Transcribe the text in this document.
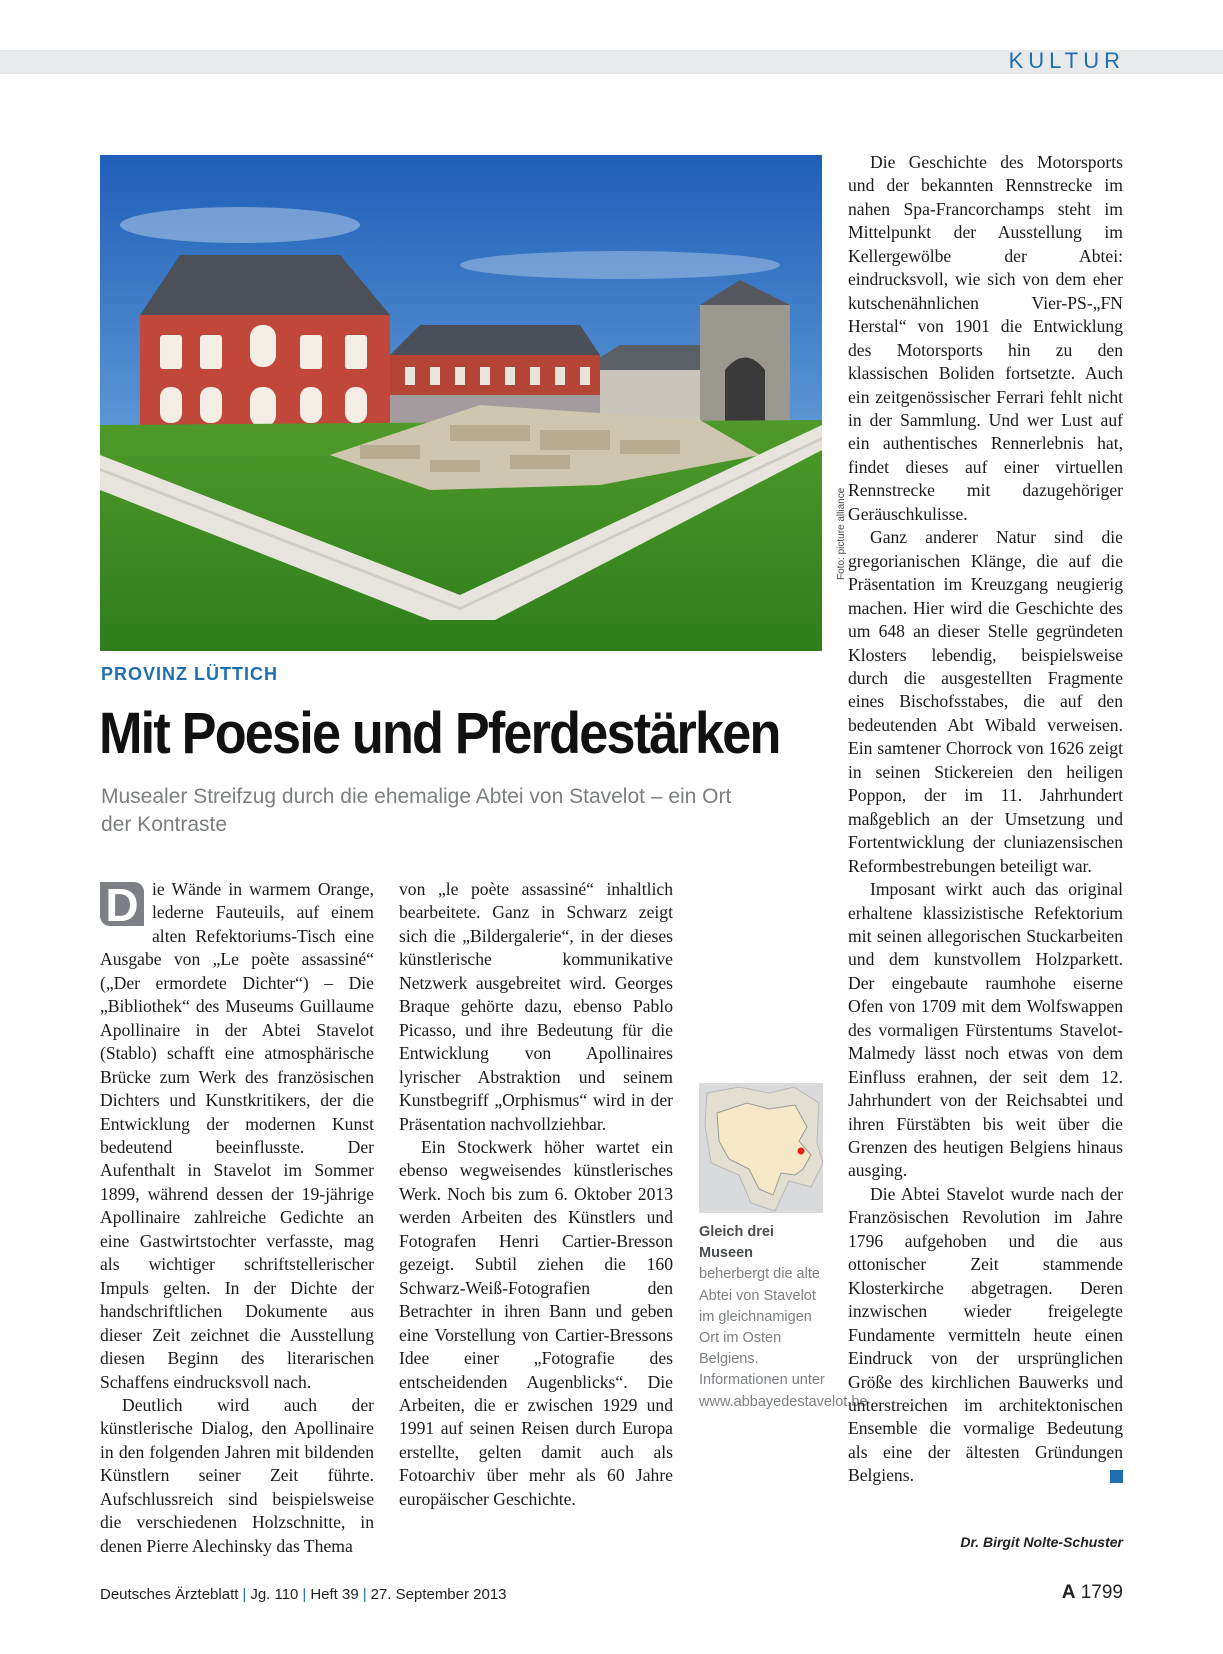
KULTUR
Foto: picture alliance
PROVINZ LÜTTICH
Mit Poesie und Pferdestärken
Musealer Streifzug durch die ehemalige Abtei von Stavelot – ein Ort der Kontraste

D ie Wände in warmem Orange, lederne Fauteuils, auf einem alten Refektoriums-Tisch eine Ausgabe von „Le poète assassiné“ („Der ermordete Dichter“) – Die „Bibliothek“ des Museums Guillaume Apollinaire in der Abtei Stavelot (Stablo) schafft eine atmosphärische Brücke zum Werk des französischen Dichters und Kunstkritikers, der die Entwicklung der modernen Kunst bedeutend beeinflusste. Der Aufenthalt in Stavelot im Sommer 1899, während dessen der 19-jährige Apollinaire zahlreiche Gedichte an eine Gastwirtstochter verfasste, mag als wichtiger schriftstellerischer Impuls gelten. In der Dichte der handschriftlichen Dokumente aus dieser Zeit zeichnet die Ausstellung diesen Beginn des literarischen Schaffens eindrucksvoll nach.

Deutlich wird auch der künstlerische Dialog, den Apollinaire in den folgenden Jahren mit bildenden Künstlern seiner Zeit führte. Aufschlussreich sind beispielsweise die verschiedenen Holzschnitte, in denen Pierre Alechinsky das Thema

von „le poète assassiné“ inhaltlich bearbeitete. Ganz in Schwarz zeigt sich die „Bildergalerie“, in der dieses künstlerische kommunikative Netzwerk ausgebreitet wird. Georges Braque gehörte dazu, ebenso Pablo Picasso, und ihre Bedeutung für die Entwicklung von Apollinaires lyrischer Abstraktion und seinem Kunstbegriff „Orphismus“ wird in der Präsentation nachvollziehbar.

Ein Stockwerk höher wartet ein ebenso wegweisendes künstlerisches Werk. Noch bis zum 6. Oktober 2013 werden Arbeiten des Künstlers und Fotografen Henri Cartier-Bresson gezeigt. Subtil ziehen die 160 Schwarz-Weiß-Fotografien den Betrachter in ihren Bann und geben eine Vorstellung von Cartier-Bressons Idee einer „Fotografie des entscheidenden Augenblicks“. Die Arbeiten, die er zwischen 1929 und 1991 auf seinen Reisen durch Europa erstellte, gelten damit auch als Fotoarchiv über mehr als 60 Jahre europäischer Geschichte.

Gleich drei Museen beherbergt die alte Abtei von Stavelot im gleichnamigen Ort im Osten Belgiens. Informationen unter www.abbayedestavelot.be

Die Geschichte des Motorsports und der bekannten Rennstrecke im nahen Spa-Francorchamps steht im Mittelpunkt der Ausstellung im Kellergewölbe der Abtei: eindrucksvoll, wie sich von dem eher kutschenähnlichen Vier-PS-„FN Herstal“ von 1901 die Entwicklung des Motorsports hin zu den klassischen Boliden fortsetzte. Auch ein zeitgenössischer Ferrari fehlt nicht in der Sammlung. Und wer Lust auf ein authentisches Rennerlebnis hat, findet dieses auf einer virtuellen Rennstrecke mit dazugehöriger Geräuschkulisse.

Ganz anderer Natur sind die gregorianischen Klänge, die auf die Präsentation im Kreuzgang neugierig machen. Hier wird die Geschichte des um 648 an dieser Stelle gegründeten Klosters lebendig, beispielsweise durch die ausgestellten Fragmente eines Bischofsstabes, die auf den bedeutenden Abt Wibald verweisen. Ein samtener Chorrock von 1626 zeigt in seinen Stickereien den heiligen Poppon, der im 11. Jahrhundert maßgeblich an der Umsetzung und Fortentwicklung der cluniazensischen Reformbestrebungen beteiligt war.

Imposant wirkt auch das original erhaltene klassizistische Refektorium mit seinen allegorischen Stuckarbeiten und dem kunstvollem Holzparkett. Der eingebaute raumhohe eiserne Ofen von 1709 mit dem Wolfswappen des vormaligen Fürstentums Stavelot-Malmedy lässt noch etwas von dem Einfluss erahnen, der seit dem 12. Jahrhundert von der Reichsabtei und ihren Fürstäbten bis weit über die Grenzen des heutigen Belgiens hinaus ausging.

Die Abtei Stavelot wurde nach der Französischen Revolution im Jahre 1796 aufgehoben und die aus ottonischer Zeit stammende Klosterkirche abgetragen. Deren inzwischen wieder freigelegte Fundamente vermitteln heute einen Eindruck von der ursprünglichen Größe des kirchlichen Bauwerks und unterstreichen im architektonischen Ensemble die vormalige Bedeutung als eine der ältesten Gründungen Belgiens.

Dr. Birgit Nolte-Schuster
Deutsches Ärzteblatt | Jg. 110 | Heft 39 | 27. September 2013	A 1799
